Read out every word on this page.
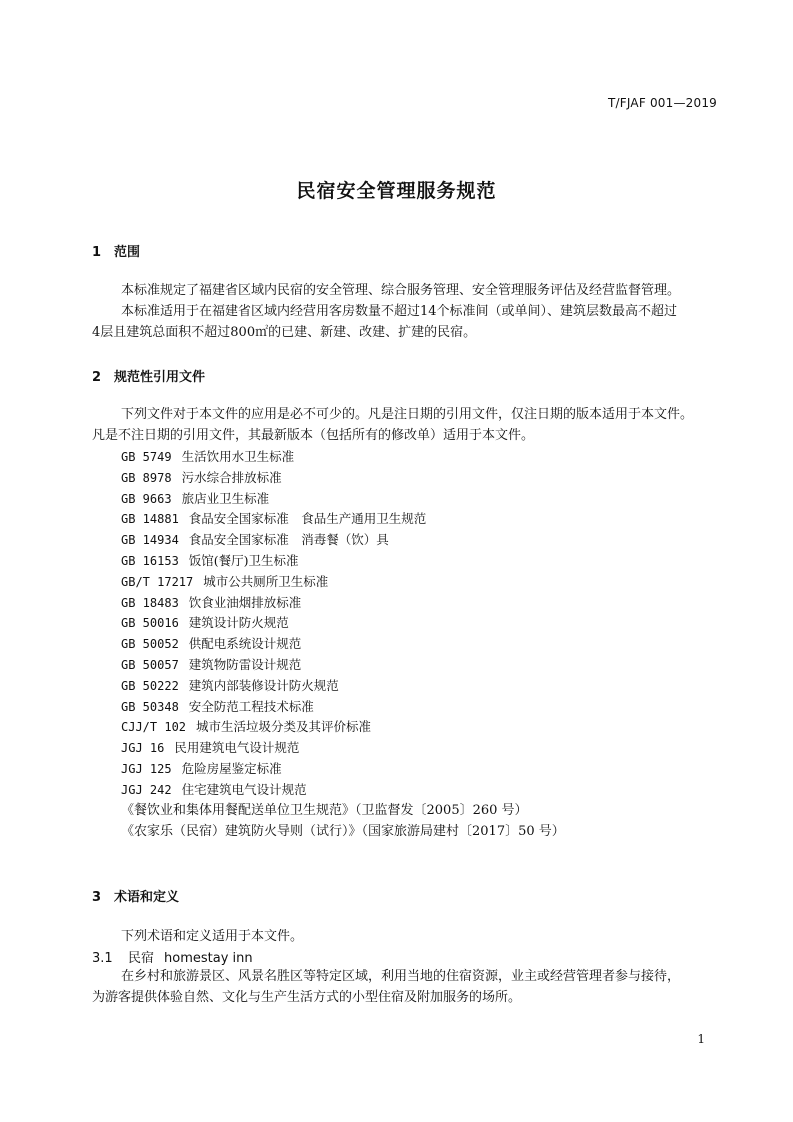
T/FJAF 001—2019
民宿安全管理服务规范
1 范围
本标准规定了福建省区域内民宿的安全管理、综合服务管理、安全管理服务评估及经营监督管理。
本标准适用于在福建省区域内经营用客房数量不超过14个标准间（或单间）、建筑层数最高不超过
4层且建筑总面积不超过800㎡的已建、新建、改建、扩建的民宿。
2 规范性引用文件
下列文件对于本文件的应用是必不可少的。凡是注日期的引用文件，仅注日期的版本适用于本文件。
凡是不注日期的引用文件，其最新版本（包括所有的修改单）适用于本文件。
GB 5749 生活饮用水卫生标准
GB 8978 污水综合排放标准
GB 9663 旅店业卫生标准
GB 14881 食品安全国家标准　食品生产通用卫生规范
GB 14934 食品安全国家标准　消毒餐（饮）具
GB 16153 饭馆(餐厅)卫生标准
GB/T 17217 城市公共厕所卫生标准
GB 18483 饮食业油烟排放标准
GB 50016 建筑设计防火规范
GB 50052 供配电系统设计规范
GB 50057 建筑物防雷设计规范
GB 50222 建筑内部装修设计防火规范
GB 50348 安全防范工程技术标准
CJJ/T 102 城市生活垃圾分类及其评价标准
JGJ 16 民用建筑电气设计规范
JGJ 125 危险房屋鉴定标准
JGJ 242 住宅建筑电气设计规范
《餐饮业和集体用餐配送单位卫生规范》（卫监督发〔2005〕260 号）
《农家乐（民宿）建筑防火导则（试行）》（国家旅游局建村〔2017〕50 号）
3 术语和定义
下列术语和定义适用于本文件。
3.1 民宿 homestay inn
在乡村和旅游景区、风景名胜区等特定区域，利用当地的住宿资源，业主或经营管理者参与接待，
为游客提供体验自然、文化与生产生活方式的小型住宿及附加服务的场所。
1
